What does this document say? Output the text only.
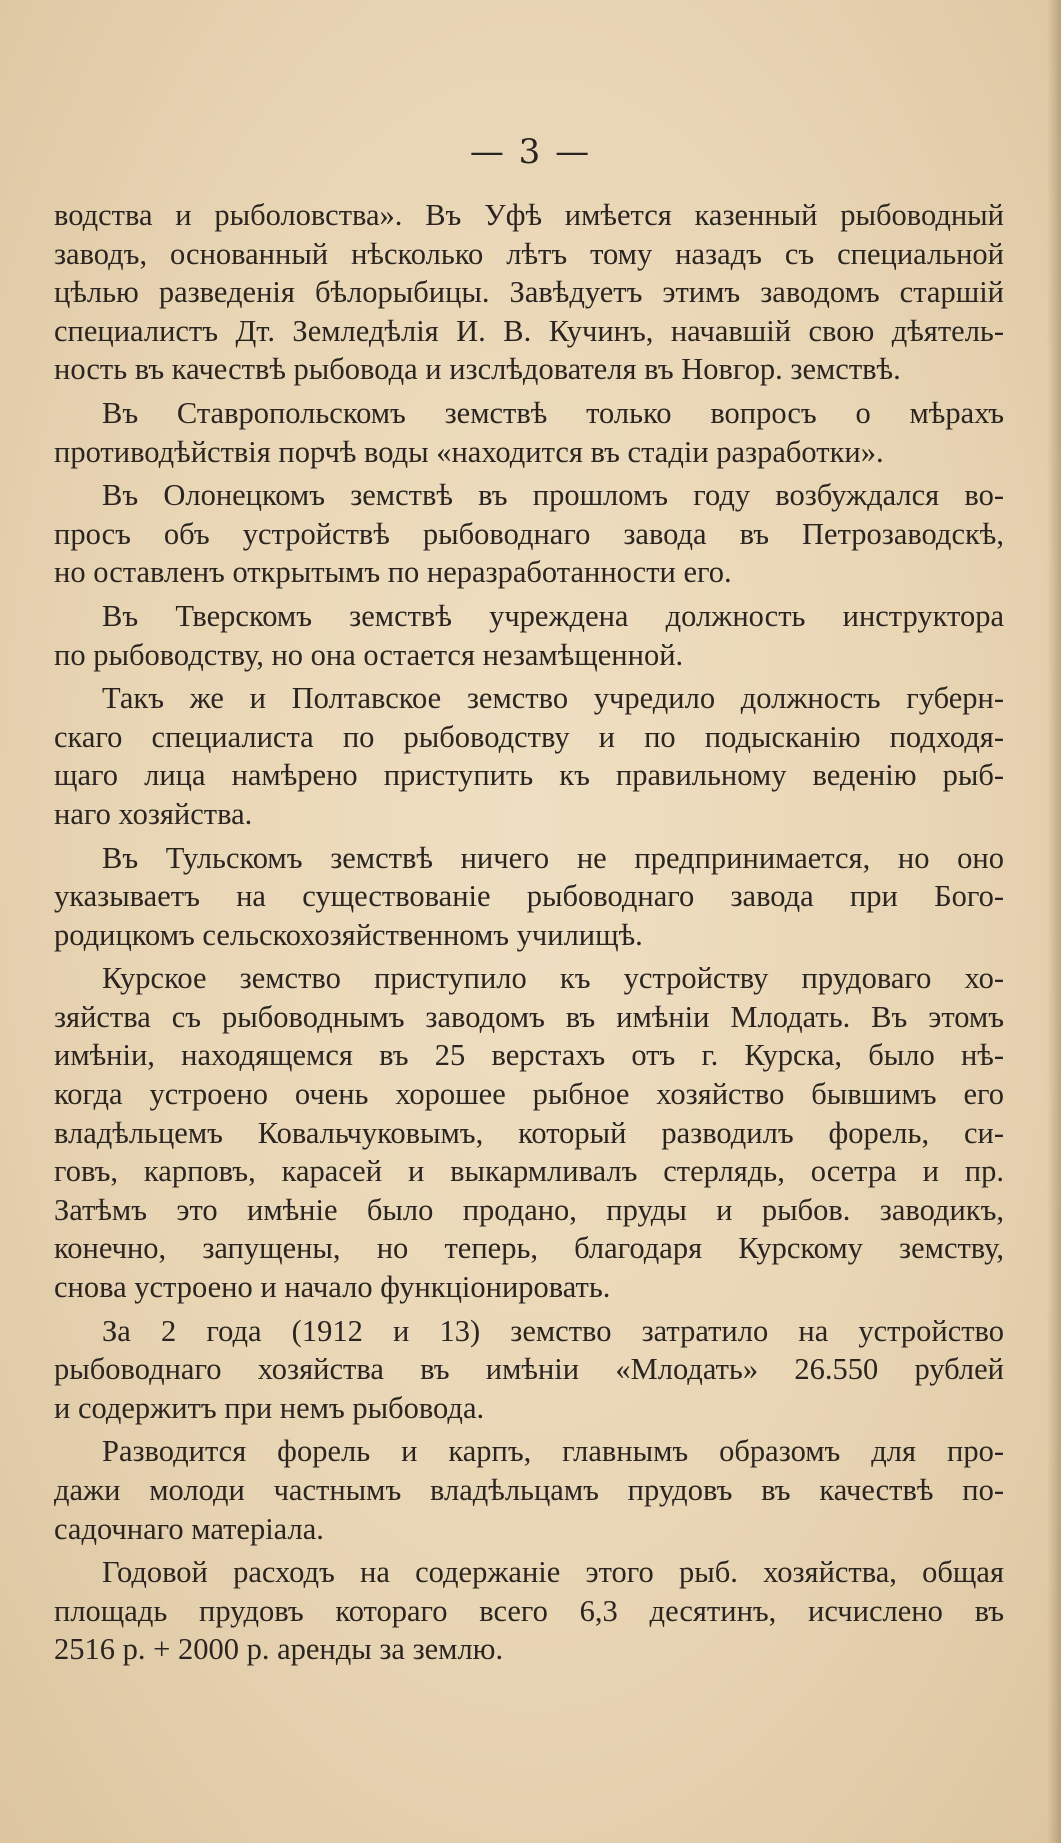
— 3 —
водства и рыболовства». Въ Уфѣ имѣется казенный рыбоводный
заводъ, основанный нѣсколько лѣтъ тому назадъ съ специальной
цѣлью разведенія бѣлорыбицы. Завѣдуетъ этимъ заводомъ старшій
специалистъ Дт. Земледѣлія И. В. Кучинъ, начавшій свою дѣятель-
ность въ качествѣ рыбовода и изслѣдователя въ Новгор. земствѣ.
Въ Ставропольскомъ земствѣ только вопросъ о мѣрахъ
противодѣйствія порчѣ воды «находится въ стадіи разработки».
Въ Олонецкомъ земствѣ въ прошломъ году возбуждался во-
просъ объ устройствѣ рыбоводнаго завода въ Петрозаводскѣ,
но оставленъ открытымъ по неразработанности его.
Въ Тверскомъ земствѣ учреждена должность инструктора
по рыбоводству, но она остается незамѣщенной.
Такъ же и Полтавское земство учредило должность губерн-
скаго специалиста по рыбоводству и по подысканію подходя-
щаго лица намѣрено приступить къ правильному веденію рыб-
наго хозяйства.
Въ Тульскомъ земствѣ ничего не предпринимается, но оно
указываетъ на существованіе рыбоводнаго завода при Бого-
родицкомъ сельскохозяйственномъ училищѣ.
Курское земство приступило къ устройству прудоваго хо-
зяйства съ рыбоводнымъ заводомъ въ имѣніи Млодать. Въ этомъ
имѣніи, находящемся въ 25 верстахъ отъ г. Курска, было нѣ-
когда устроено очень хорошее рыбное хозяйство бывшимъ его
владѣльцемъ Ковальчуковымъ, который разводилъ форель, си-
говъ, карповъ, карасей и выкармливалъ стерлядь, осетра и пр.
Затѣмъ это имѣніе было продано, пруды и рыбов. заводикъ,
конечно, запущены, но теперь, благодаря Курскому земству,
снова устроено и начало функціонировать.
За 2 года (1912 и 13) земство затратило на устройство
рыбоводнаго хозяйства въ имѣніи «Млодать» 26.550 рублей
и содержитъ при немъ рыбовода.
Разводится форель и карпъ, главнымъ образомъ для про-
дажи молоди частнымъ владѣльцамъ прудовъ въ качествѣ по-
садочнаго матеріала.
Годовой расходъ на содержаніе этого рыб. хозяйства, общая
площадь прудовъ котораго всего 6,3 десятинъ, исчислено въ
2516 р. + 2000 р. аренды за землю.
